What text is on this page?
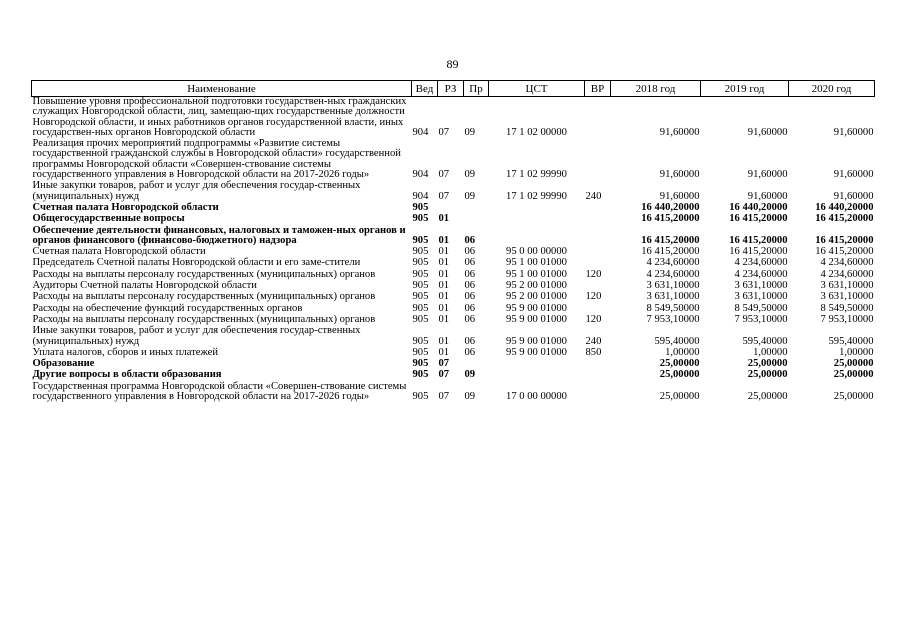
89
Наименование	Вед	РЗ	Пр	ЦСТ	ВР	2018 год	2019 год	2020 год
Повышение уровня профессиональной подготовки государствен-ных гражданских служащих Новгородской области, лиц, замещаю-щих государственные должности Новгородской области, и иных работников органов государственной власти, иных государствен-ных органов Новгородской области	904	07	09	17 1 02 00000		91,60000	91,60000	91,60000
Реализация прочих мероприятий подпрограммы «Развитие системы государственной гражданской службы в Новгородской области» государственной программы Новгородской области «Совершен-ствование системы государственного управления в Новгородской области на 2017-2026 годы»	904	07	09	17 1 02 99990		91,60000	91,60000	91,60000
Иные закупки товаров, работ и услуг для обеспечения государ-ственных (муниципальных) нужд	904	07	09	17 1 02 99990	240	91,60000	91,60000	91,60000
Счетная палата Новгородской области	905					16 440,20000	16 440,20000	16 440,20000
Общегосударственные вопросы	905	01				16 415,20000	16 415,20000	16 415,20000
Обеспечение деятельности финансовых, налоговых и таможен-ных органов и органов финансового (финансово-бюджетного) надзора	905	01	06			16 415,20000	16 415,20000	16 415,20000
Счетная палата Новгородской области	905	01	06	95 0 00 00000		16 415,20000	16 415,20000	16 415,20000
Председатель Счетной палаты Новгородской области и его заме-стители	905	01	06	95 1 00 01000		4 234,60000	4 234,60000	4 234,60000
Расходы на выплаты персоналу государственных (муниципальных) органов	905	01	06	95 1 00 01000	120	4 234,60000	4 234,60000	4 234,60000
Аудиторы Счетной палаты Новгородской области	905	01	06	95 2 00 01000		3 631,10000	3 631,10000	3 631,10000
Расходы на выплаты персоналу государственных (муниципальных) органов	905	01	06	95 2 00 01000	120	3 631,10000	3 631,10000	3 631,10000
Расходы на обеспечение функций государственных органов	905	01	06	95 9 00 01000		8 549,50000	8 549,50000	8 549,50000
Расходы на выплаты персоналу государственных (муниципальных) органов	905	01	06	95 9 00 01000	120	7 953,10000	7 953,10000	7 953,10000
Иные закупки товаров, работ и услуг для обеспечения государ-ственных (муниципальных) нужд	905	01	06	95 9 00 01000	240	595,40000	595,40000	595,40000
Уплата налогов, сборов и иных платежей	905	01	06	95 9 00 01000	850	1,00000	1,00000	1,00000
Образование	905	07				25,00000	25,00000	25,00000
Другие вопросы в области образования	905	07	09			25,00000	25,00000	25,00000
Государственная программа Новгородской области «Совершен-ствование системы государственного управления в Новгородской области на 2017-2026 годы»	905	07	09	17 0 00 00000		25,00000	25,00000	25,00000
